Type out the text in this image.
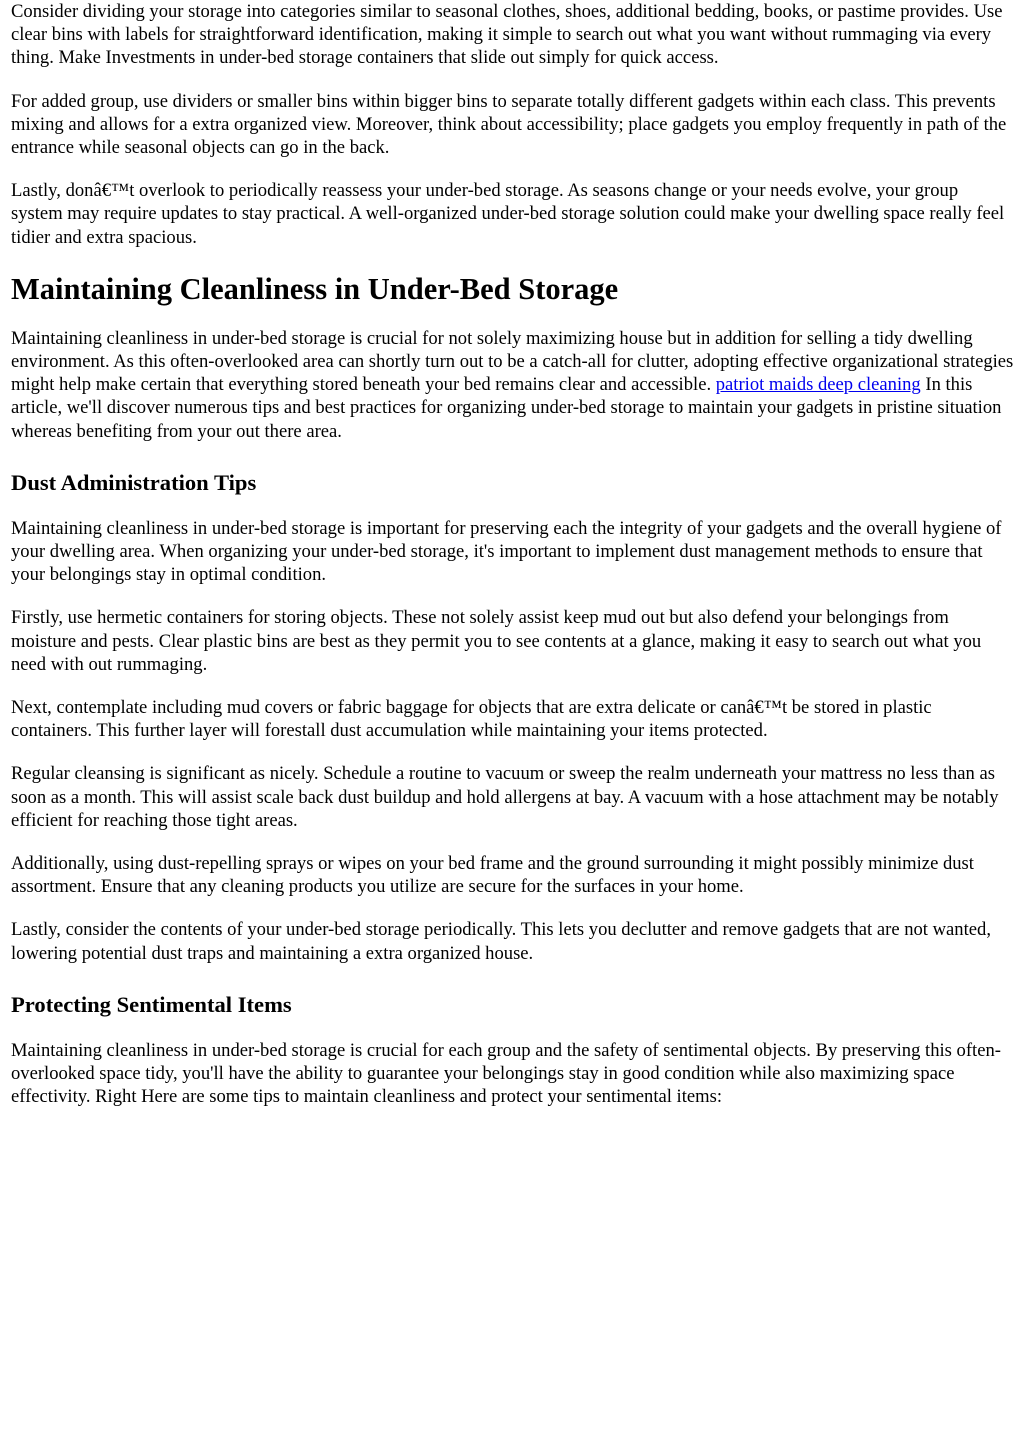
Consider dividing your storage into categories similar to seasonal clothes, shoes, additional bedding, books, or pastime provides. Use clear bins with labels for straightforward identification, making it simple to search out what you want without rummaging via every thing. Make Investments in under-bed storage containers that slide out simply for quick access.

For added group, use dividers or smaller bins within bigger bins to separate totally different gadgets within each class. This prevents mixing and allows for a extra organized view. Moreover, think about accessibility; place gadgets you employ frequently in path of the entrance while seasonal objects can go in the back.

Lastly, donâ€™t overlook to periodically reassess your under-bed storage. As seasons change or your needs evolve, your group system may require updates to stay practical. A well-organized under-bed storage solution could make your dwelling space really feel tidier and extra spacious.

Maintaining Cleanliness in Under-Bed Storage

Maintaining cleanliness in under-bed storage is crucial for not solely maximizing house but in addition for selling a tidy dwelling environment. As this often-overlooked area can shortly turn out to be a catch-all for clutter, adopting effective organizational strategies might help make certain that everything stored beneath your bed remains clear and accessible. patriot maids deep cleaning In this article, we'll discover numerous tips and best practices for organizing under-bed storage to maintain your gadgets in pristine situation whereas benefiting from your out there area.

Dust Administration Tips

Maintaining cleanliness in under-bed storage is important for preserving each the integrity of your gadgets and the overall hygiene of your dwelling area. When organizing your under-bed storage, it's important to implement dust management methods to ensure that your belongings stay in optimal condition.

Firstly, use hermetic containers for storing objects. These not solely assist keep mud out but also defend your belongings from moisture and pests. Clear plastic bins are best as they permit you to see contents at a glance, making it easy to search out what you need with out rummaging.

Next, contemplate including mud covers or fabric baggage for objects that are extra delicate or canâ€™t be stored in plastic containers. This further layer will forestall dust accumulation while maintaining your items protected.

Regular cleansing is significant as nicely. Schedule a routine to vacuum or sweep the realm underneath your mattress no less than as soon as a month. This will assist scale back dust buildup and hold allergens at bay. A vacuum with a hose attachment may be notably efficient for reaching those tight areas.

Additionally, using dust-repelling sprays or wipes on your bed frame and the ground surrounding it might possibly minimize dust assortment. Ensure that any cleaning products you utilize are secure for the surfaces in your home.

Lastly, consider the contents of your under-bed storage periodically. This lets you declutter and remove gadgets that are not wanted, lowering potential dust traps and maintaining a extra organized house.

Protecting Sentimental Items

Maintaining cleanliness in under-bed storage is crucial for each group and the safety of sentimental objects. By preserving this often-overlooked space tidy, you'll have the ability to guarantee your belongings stay in good condition while also maximizing space effectivity. Right Here are some tips to maintain cleanliness and protect your sentimental items:
